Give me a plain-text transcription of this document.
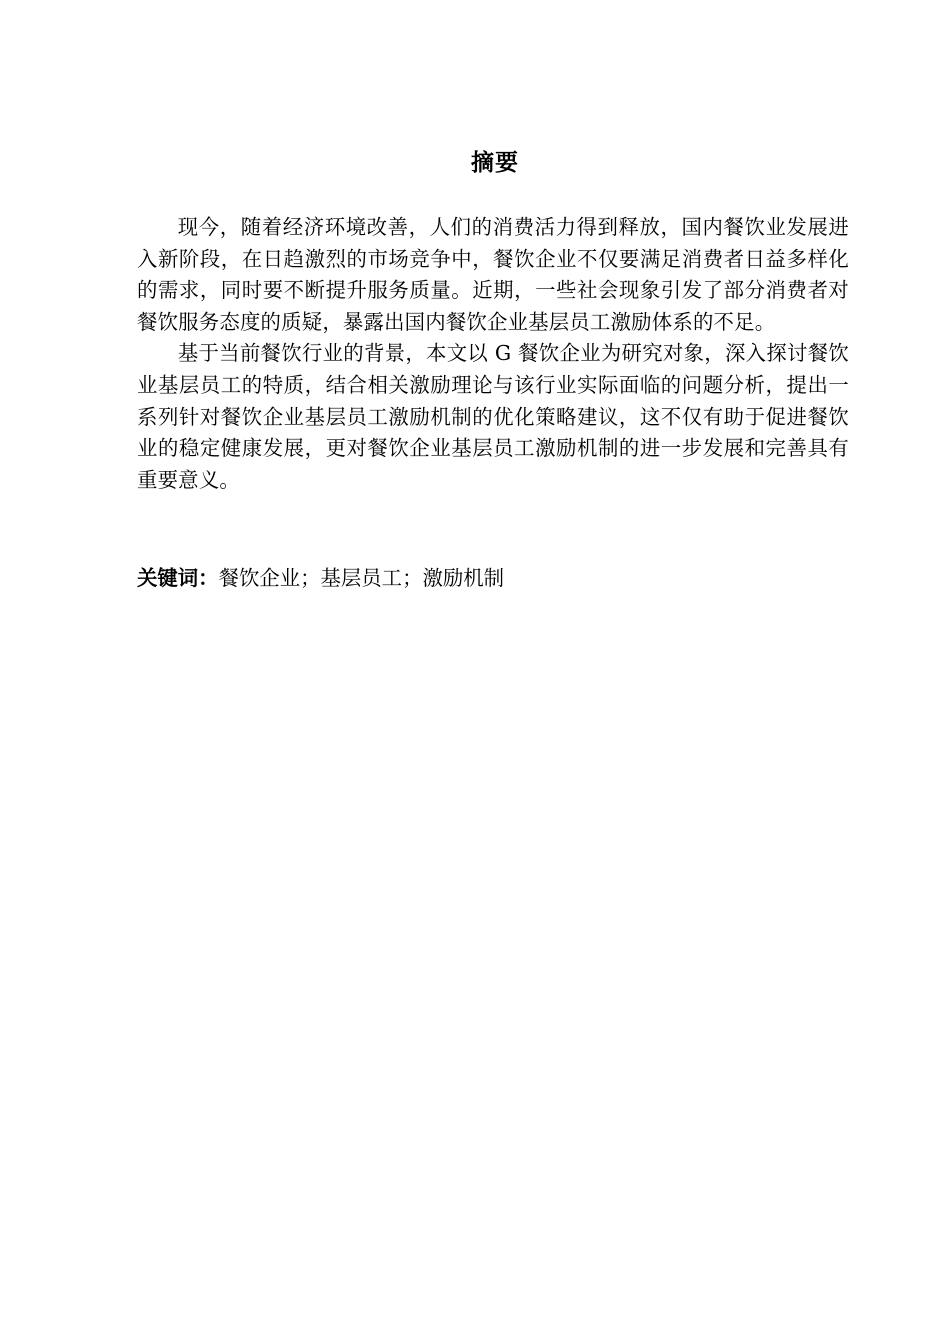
摘要

现今，随着经济环境改善，人们的消费活力得到释放，国内餐饮业发展进入新阶段，在日趋激烈的市场竞争中，餐饮企业不仅要满足消费者日益多样化的需求，同时要不断提升服务质量。近期，一些社会现象引发了部分消费者对餐饮服务态度的质疑，暴露出国内餐饮企业基层员工激励体系的不足。

基于当前餐饮行业的背景，本文以 G 餐饮企业为研究对象，深入探讨餐饮业基层员工的特质，结合相关激励理论与该行业实际面临的问题分析，提出一系列针对餐饮企业基层员工激励机制的优化策略建议，这不仅有助于促进餐饮业的稳定健康发展，更对餐饮企业基层员工激励机制的进一步发展和完善具有重要意义。

关键词：餐饮企业；基层员工；激励机制
